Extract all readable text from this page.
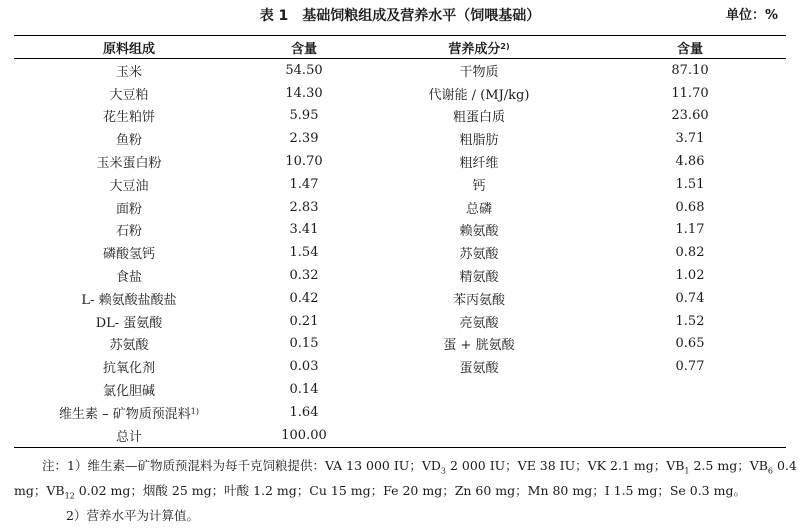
表 1　基础饲粮组成及营养水平（饲喂基础）	单位：%
原料组成	含量	营养成分 2)	含量
玉米	54.50	干物质	87.10
大豆粕	14.30	代谢能 / (MJ/kg)	11.70
花生粕饼	5.95	粗蛋白质	23.60
鱼粉	2.39	粗脂肪	3.71
玉米蛋白粉	10.70	粗纤维	4.86
大豆油	1.47	钙	1.51
面粉	2.83	总磷	0.68
石粉	3.41	赖氨酸	1.17
磷酸氢钙	1.54	苏氨酸	0.82
食盐	0.32	精氨酸	1.02
L- 赖氨酸盐酸盐	0.42	苯丙氨酸	0.74
DL- 蛋氨酸	0.21	亮氨酸	1.52
苏氨酸	0.15	蛋 + 胱氨酸	0.65
抗氧化剂	0.03	蛋氨酸	0.77
氯化胆碱	0.14
维生素 – 矿物质预混料 1)	1.64
总计	100.00
注：1）维生素—矿物质预混料为每千克饲粮提供：VA 13 000 IU；$VD_3$ 2 000 IU；VE 38 IU；VK 2.1 mg；$VB_1$ 2.5 mg；$VB_6$ 0.4
mg；$VB_{12}$ 0.02 mg；烟酸 25 mg；叶酸 1.2 mg；Cu 15 mg；Fe 20 mg；Zn 60 mg；Mn 80 mg；I 1.5 mg；Se 0.3 mg。
2）营养水平为计算值。
